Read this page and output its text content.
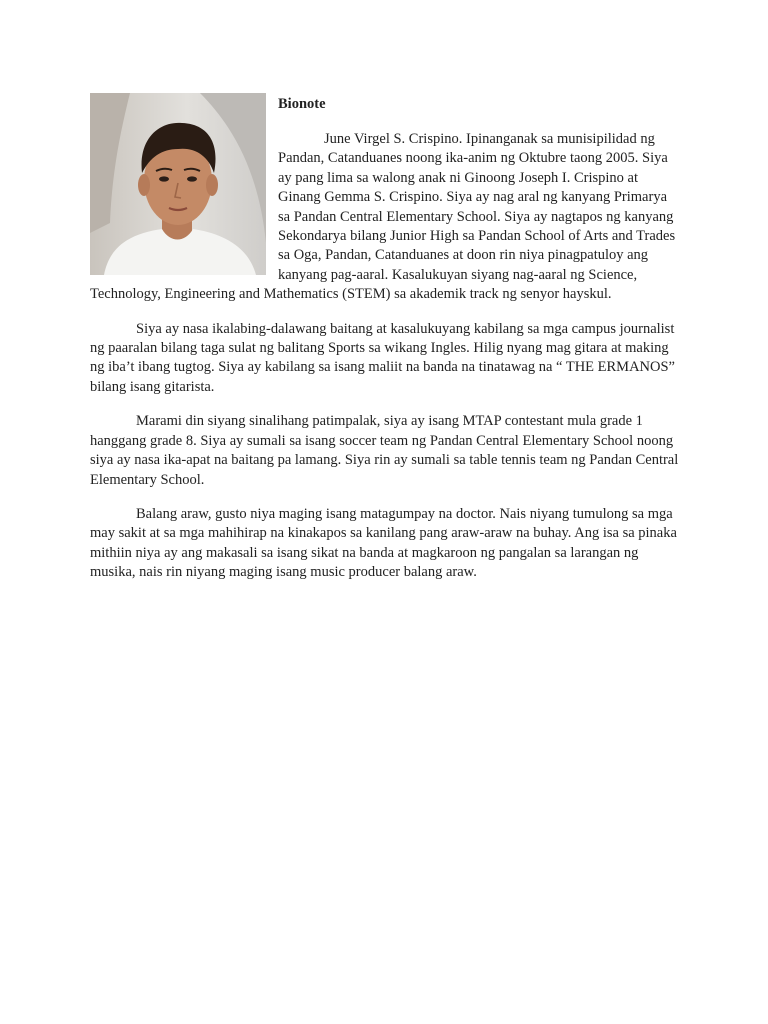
Bionote

June Virgel S. Crispino. Ipinanganak sa munisipilidad ng Pandan, Catanduanes noong ika-anim ng Oktubre taong 2005. Siya ay pang lima sa walong anak ni Ginoong Joseph I. Crispino at Ginang Gemma S. Crispino. Siya ay nag aral ng kanyang Primarya sa Pandan Central Elementary School. Siya ay nagtapos ng kanyang Sekondarya bilang Junior High sa Pandan School of Arts and Trades sa Oga, Pandan, Catanduanes at doon rin niya pinagpatuloy ang kanyang pag-aaral. Kasalukuyan siyang nag-aaral ng Science, Technology, Engineering and Mathematics (STEM) sa akademik track ng senyor hayskul.

Siya ay nasa ikalabing-dalawang baitang at kasalukuyang kabilang sa mga campus journalist ng paaralan bilang taga sulat ng balitang Sports sa wikang Ingles. Hilig nyang mag gitara at making ng iba’t ibang tugtog. Siya ay kabilang sa isang maliit na banda na tinatawag na “ THE ERMANOS” bilang isang gitarista.

Marami din siyang sinalihang patimpalak, siya ay isang MTAP contestant mula grade 1 hanggang grade 8. Siya ay sumali sa isang soccer team ng Pandan Central Elementary School noong siya ay nasa ika-apat na baitang pa lamang. Siya rin ay sumali sa table tennis team ng Pandan Central Elementary School.

Balang araw, gusto niya maging isang matagumpay na doctor. Nais niyang tumulong sa mga may sakit at sa mga mahihirap na kinakapos sa kanilang pang araw-araw na buhay. Ang isa sa pinaka mithiin niya ay ang makasali sa isang sikat na banda at magkaroon ng pangalan sa larangan ng musika, nais rin niyang maging isang music producer balang araw.
